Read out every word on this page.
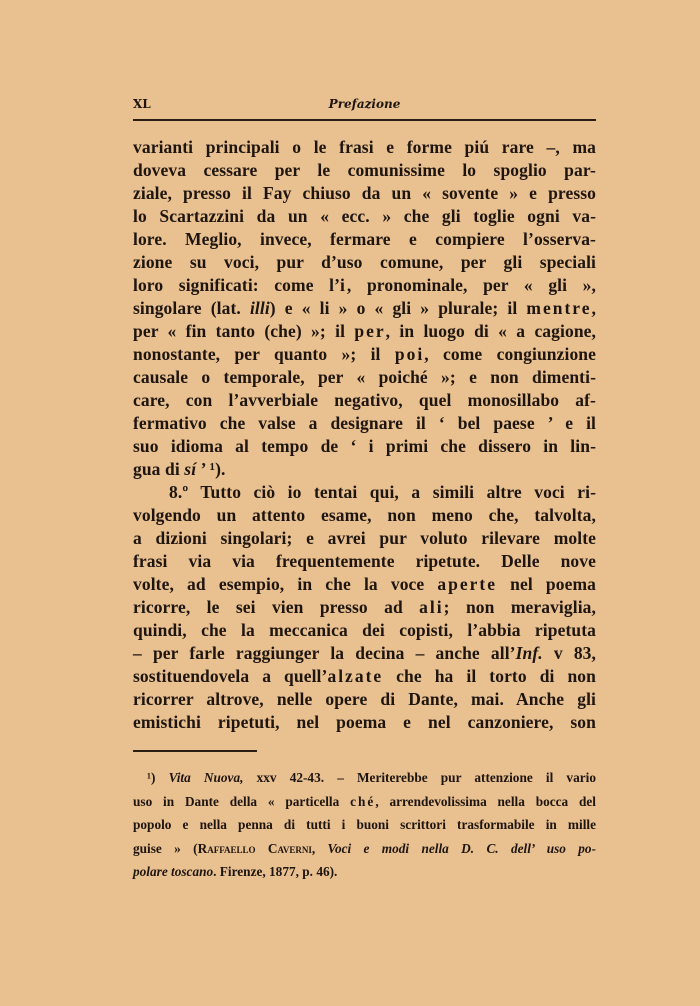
XL	Prefazione
varianti principali o le frasi e forme piú rare –, ma
doveva cessare per le comunissime lo spoglio par-
ziale, presso il Fay chiuso da un « sovente » e presso
lo Scartazzini da un « ecc. » che gli toglie ogni va-
lore. Meglio, invece, fermare e compiere l’osserva-
zione su voci, pur d’uso comune, per gli speciali
loro significati: come l’i, pronominale, per « gli »,
singolare (lat. illi) e « li » o « gli » plurale; il mentre,
per « fin tanto (che) »; il per, in luogo di « a cagione,
nonostante, per quanto »; il poi, come congiunzione
causale o temporale, per « poiché »; e non dimenti-
care, con l’avverbiale negativo, quel monosillabo af-
fermativo che valse a designare il ‘ bel paese ’ e il
suo idioma al tempo de ‘ i primi che dissero in lin-
gua di sí ’ ¹).
8.º Tutto ciò io tentai qui, a simili altre voci ri-
volgendo un attento esame, non meno che, talvolta,
a dizioni singolari; e avrei pur voluto rilevare molte
frasi via via frequentemente ripetute. Delle nove
volte, ad esempio, in che la voce aperte nel poema
ricorre, le sei vien presso ad ali; non meraviglia,
quindi, che la meccanica dei copisti, l’abbia ripetuta
– per farle raggiunger la decina – anche all’Inf. v 83,
sostituendovela a quell’alzate che ha il torto di non
ricorrer altrove, nelle opere di Dante, mai. Anche gli
emistichi ripetuti, nel poema e nel canzoniere, son
¹) Vita Nuova, xxv 42-43. – Meriterebbe pur attenzione il vario
uso in Dante della « particella ché, arrendevolissima nella bocca del
popolo e nella penna di tutti i buoni scrittori trasformabile in mille
guise » (Raffaello Caverni, Voci e modi nella D. C. dell’ uso po-
polare toscano. Firenze, 1877, p. 46).
